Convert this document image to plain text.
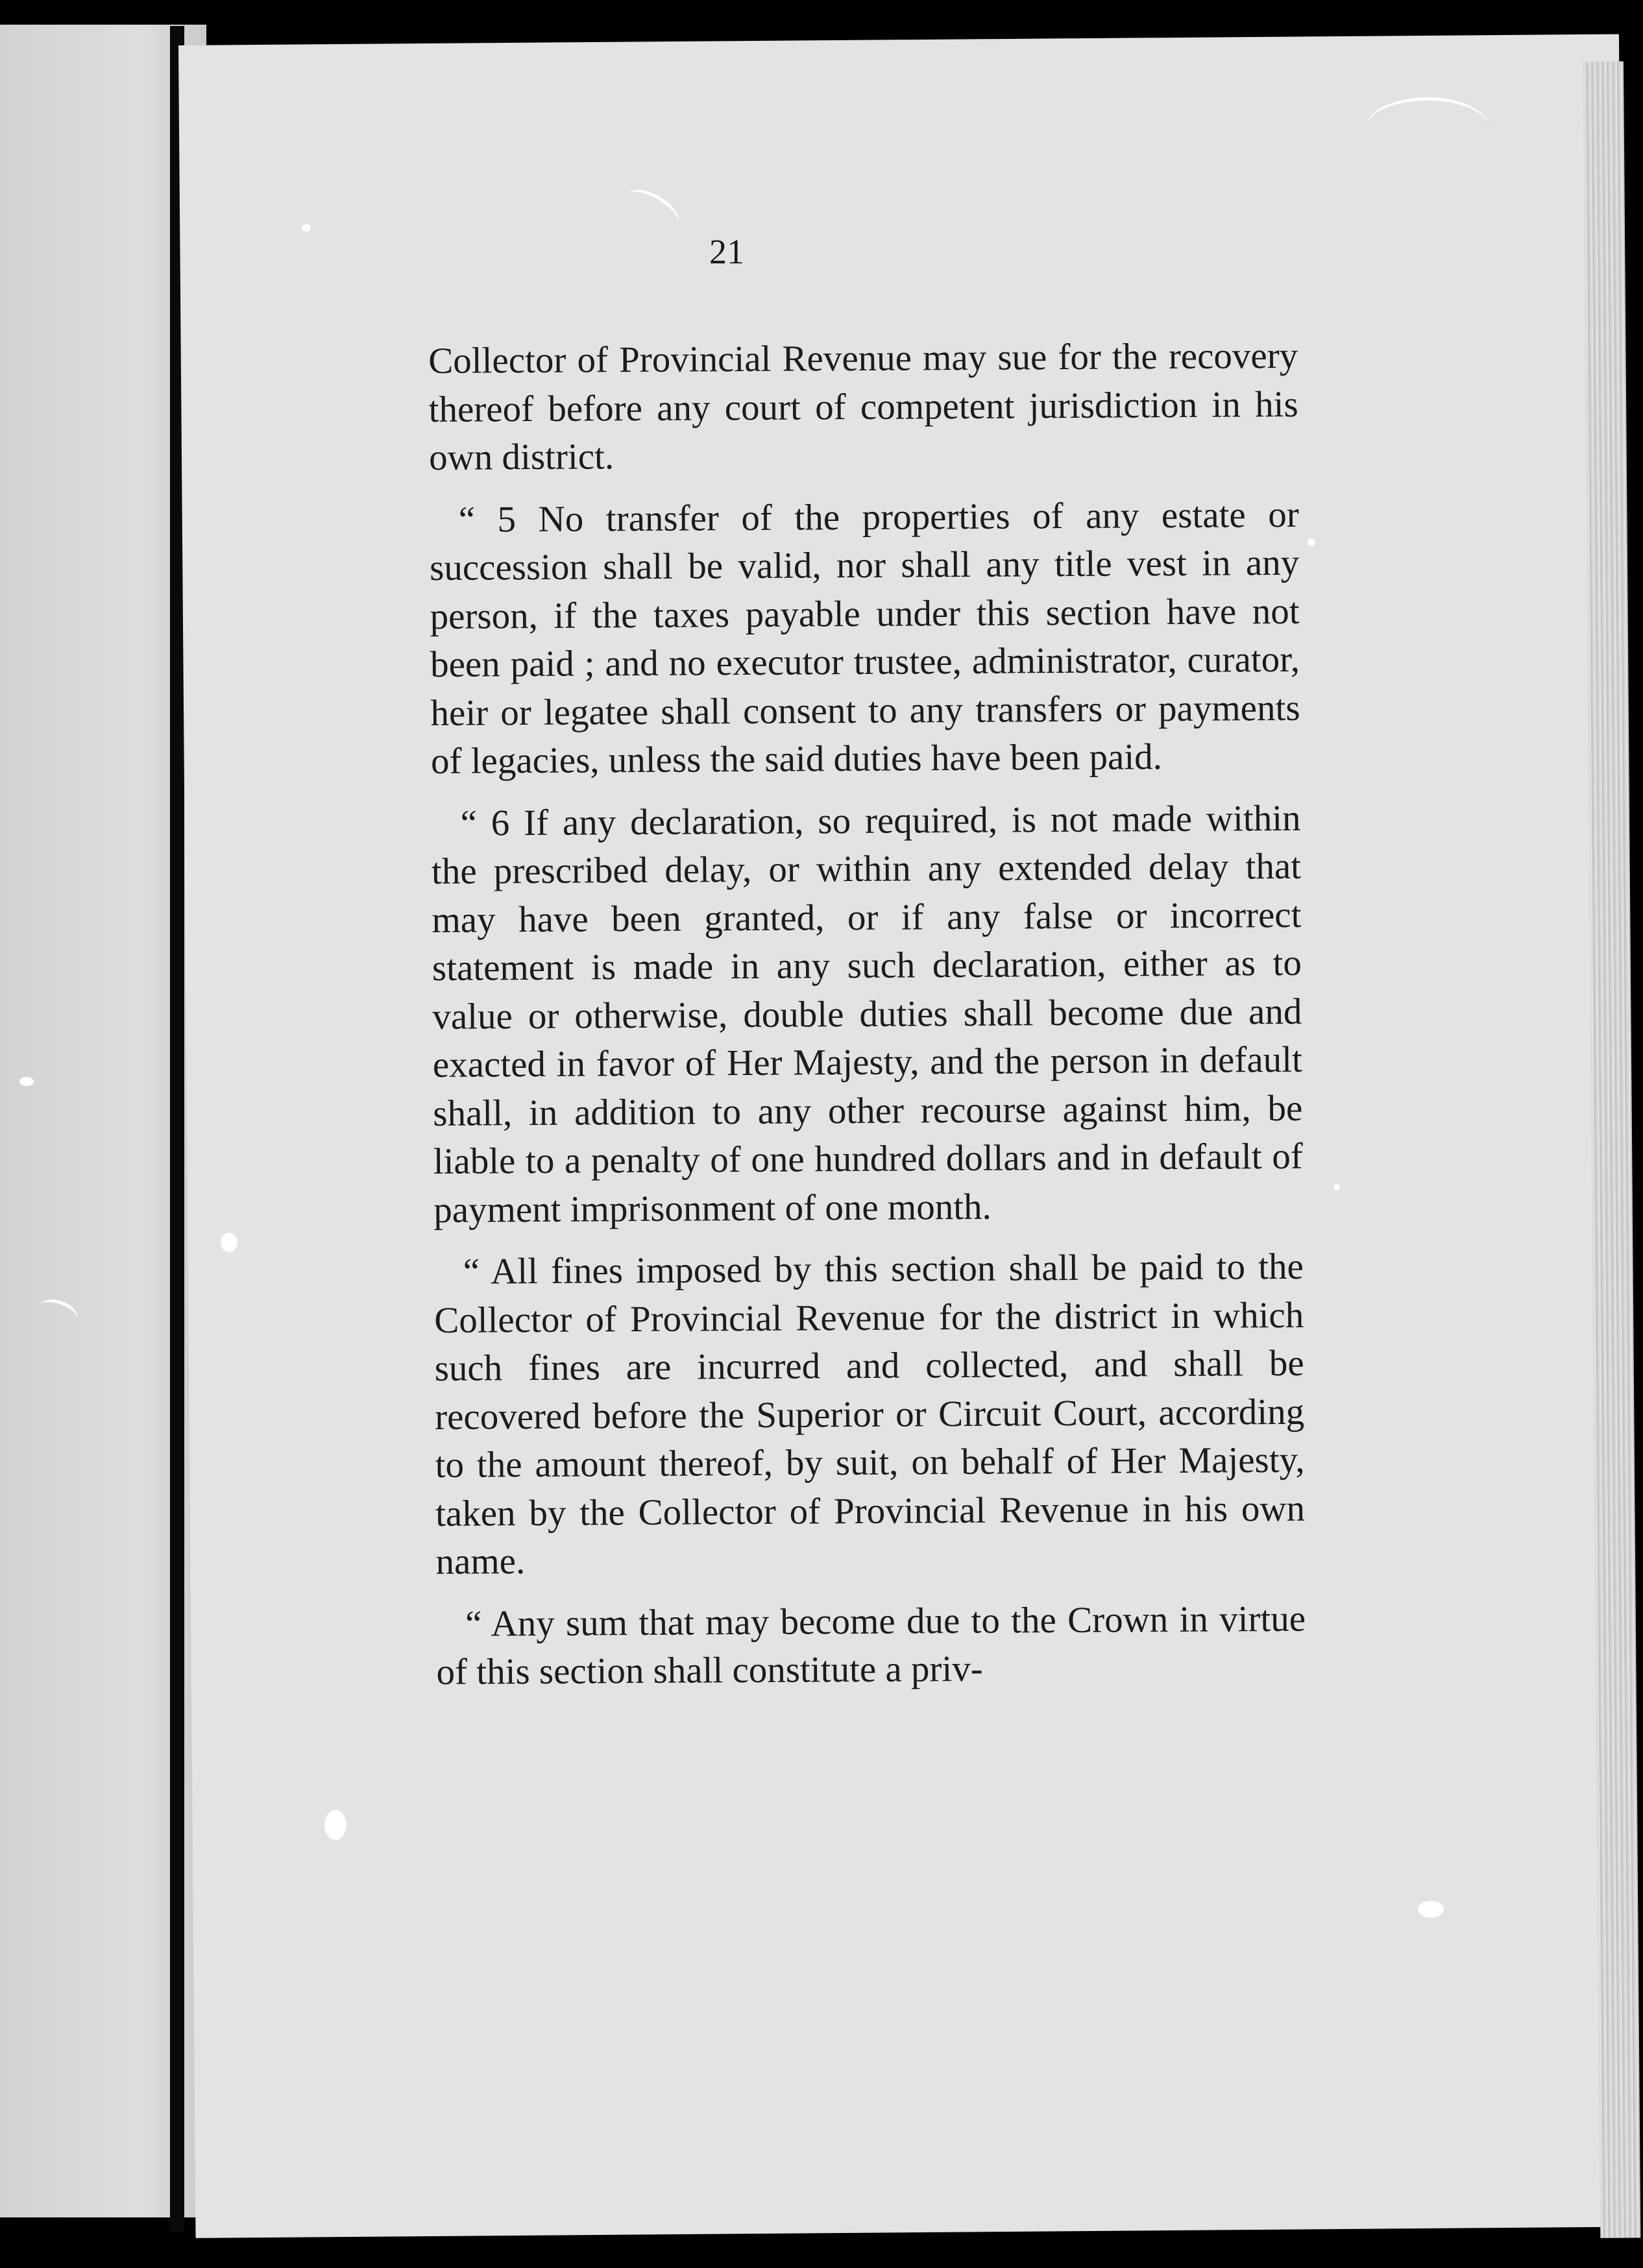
21

Collector of Provincial Revenue may sue for the recovery thereof before any court of competent jurisdiction in his own district.

“ 5 No transfer of the properties of any estate or succession shall be valid, nor shall any title vest in any person, if the taxes payable under this section have not been paid ; and no executor trustee, administrator, curator, heir or legatee shall consent to any transfers or payments of legacies, unless the said duties have been paid.

“ 6 If any declaration, so required, is not made within the prescribed delay, or within any extended delay that may have been granted, or if any false or incorrect statement is made in any such declaration, either as to value or otherwise, double duties shall become due and exacted in favor of Her Majesty, and the person in default shall, in addition to any other recourse against him, be liable to a penalty of one hundred dollars and in default of payment imprisonment of one month.

“ All fines imposed by this section shall be paid to the Collector of Provincial Revenue for the district in which such fines are incurred and collected, and shall be recovered before the Superior or Circuit Court, according to the amount thereof, by suit, on behalf of Her Majesty, taken by the Collector of Provincial Revenue in his own name.

“ Any sum that may become due to the Crown in virtue of this section shall constitute a priv-
